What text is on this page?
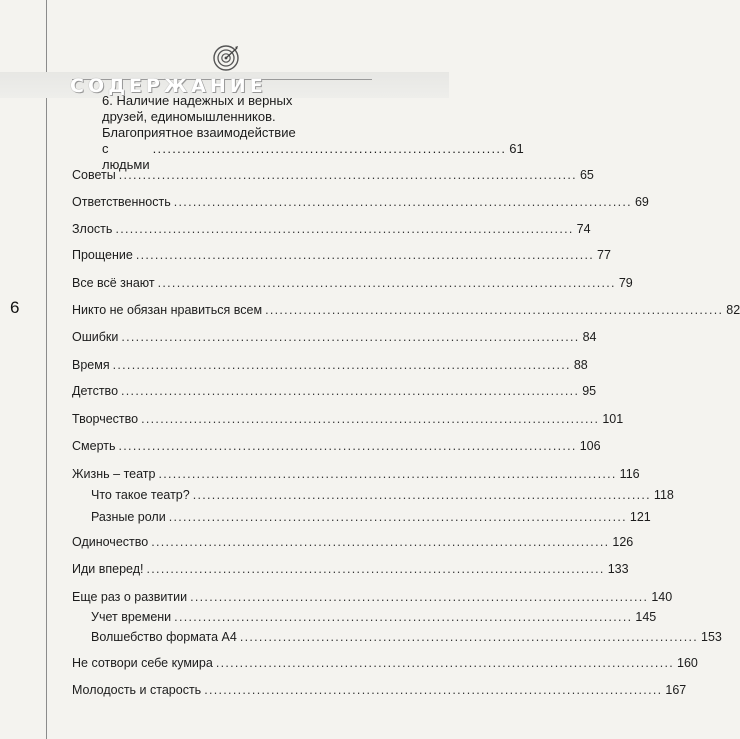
СОДЕРЖАНИЕ
6
6. Наличие надежных и верных
друзей, единомышленников.
Благоприятное взаимодействие
с людьми
........................................................................ 61
Советы ................................................................................................ 65
Ответственность ................................................................................................ 69
Злость ................................................................................................ 74
Прощение ................................................................................................ 77
Все всё знают ................................................................................................ 79
Никто не обязан нравиться всем ................................................................................................ 82
Ошибки ................................................................................................ 84
Время ................................................................................................ 88
Детство ................................................................................................ 95
Творчество ................................................................................................ 101
Смерть ................................................................................................ 106
Жизнь – театр ................................................................................................ 116
Что такое театр? ................................................................................................ 118
Разные роли ................................................................................................ 121
Одиночество ................................................................................................ 126
Иди вперед! ................................................................................................ 133
Еще раз о развитии ................................................................................................ 140
Учет времени ................................................................................................ 145
Волшебство формата А4 ................................................................................................ 153
Не сотвори себе кумира ................................................................................................ 160
Молодость и старость ................................................................................................ 167
